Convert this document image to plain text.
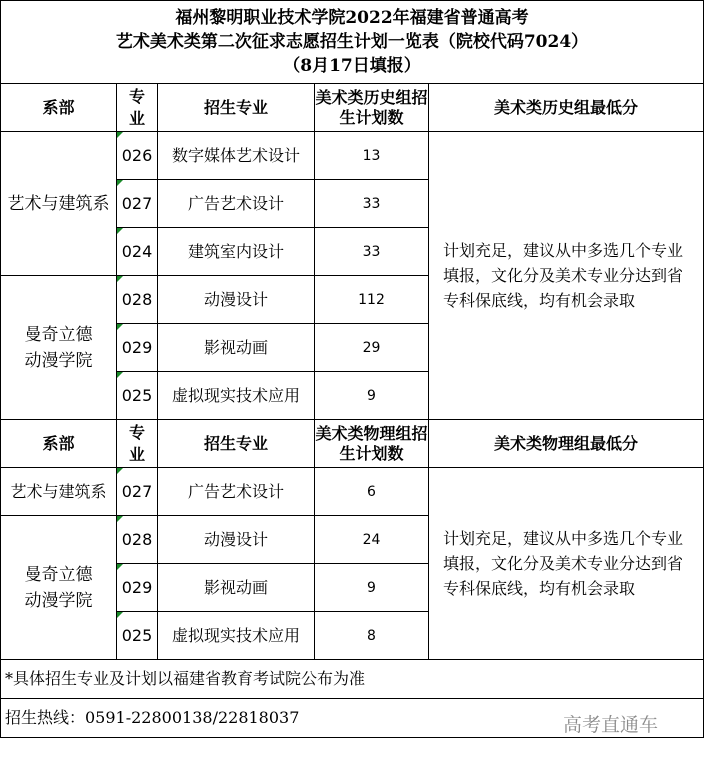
福州黎明职业技术学院2022年福建省普通高考
艺术美术类第二次征求志愿招生计划一览表（院校代码7024）
（8月17日填报）				

系部	专业	招生专业	美术类历史组招生计划数	美术类历史组最低分
艺术与建筑系	026	数字媒体艺术设计	13	计划充足，建议从中多选几个专业填报，文化分及美术专业分达到省专科保底线，均有机会录取
	027	广告艺术设计	33	
	024	建筑室内设计	33	
曼奇立德动漫学院	028	动漫设计	112	
	029	影视动画	29	
	025	虚拟现实技术应用	9	
系部	专业	招生专业	美术类物理组招生计划数	美术类物理组最低分
艺术与建筑系	027	广告艺术设计	6	计划充足，建议从中多选几个专业填报，文化分及美术专业分达到省专科保底线，均有机会录取
曼奇立德动漫学院	028	动漫设计	24	
	029	影视动画	9	
	025	虚拟现实技术应用	8	
*具体招生专业及计划以福建省教育考试院公布为准				
招生热线：0591-22800138/22818037					高考直通车
